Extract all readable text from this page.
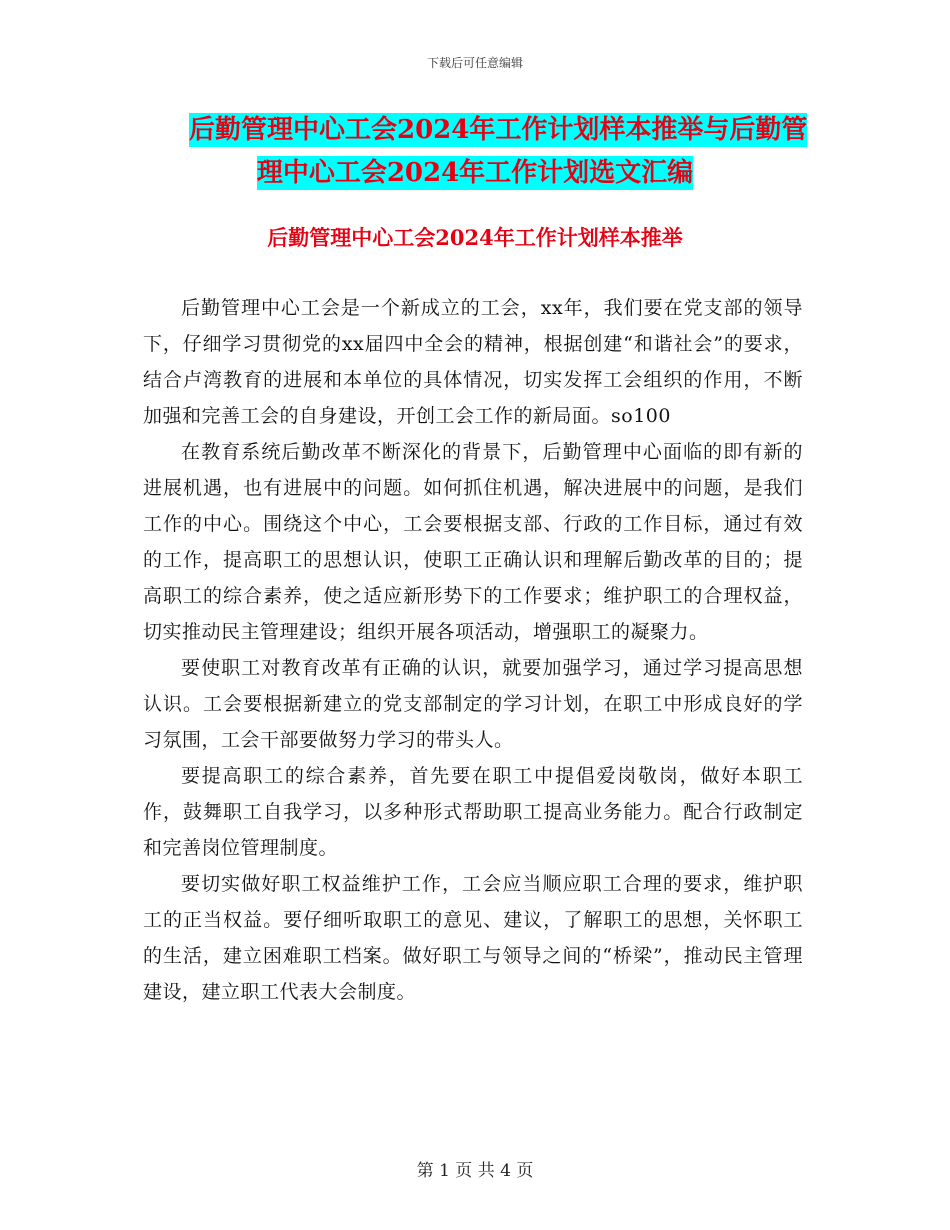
下载后可任意编辑
后勤管理中心工会2024年工作计划样本推举与后勤管
理中心工会2024年工作计划选文汇编
后勤管理中心工会2024年工作计划样本推举

后勤管理中心工会是一个新成立的工会，xx年，我们要在党支部的领导下，仔细学习贯彻党的xx届四中全会的精神，根据创建“和谐社会”的要求，结合卢湾教育的进展和本单位的具体情况，切实发挥工会组织的作用，不断加强和完善工会的自身建设，开创工会工作的新局面。so100

在教育系统后勤改革不断深化的背景下，后勤管理中心面临的即有新的进展机遇，也有进展中的问题。如何抓住机遇，解决进展中的问题，是我们工作的中心。围绕这个中心，工会要根据支部、行政的工作目标，通过有效的工作，提高职工的思想认识，使职工正确认识和理解后勤改革的目的；提高职工的综合素养，使之适应新形势下的工作要求；维护职工的合理权益，切实推动民主管理建设；组织开展各项活动，增强职工的凝聚力。

要使职工对教育改革有正确的认识，就要加强学习，通过学习提高思想认识。工会要根据新建立的党支部制定的学习计划，在职工中形成良好的学习氛围，工会干部要做努力学习的带头人。

要提高职工的综合素养，首先要在职工中提倡爱岗敬岗，做好本职工作，鼓舞职工自我学习，以多种形式帮助职工提高业务能力。配合行政制定和完善岗位管理制度。

要切实做好职工权益维护工作，工会应当顺应职工合理的要求，维护职工的正当权益。要仔细听取职工的意见、建议，了解职工的思想，关怀职工的生活，建立困难职工档案。做好职工与领导之间的“桥梁”，推动民主管理建设，建立职工代表大会制度。

第 1 页 共 4 页
